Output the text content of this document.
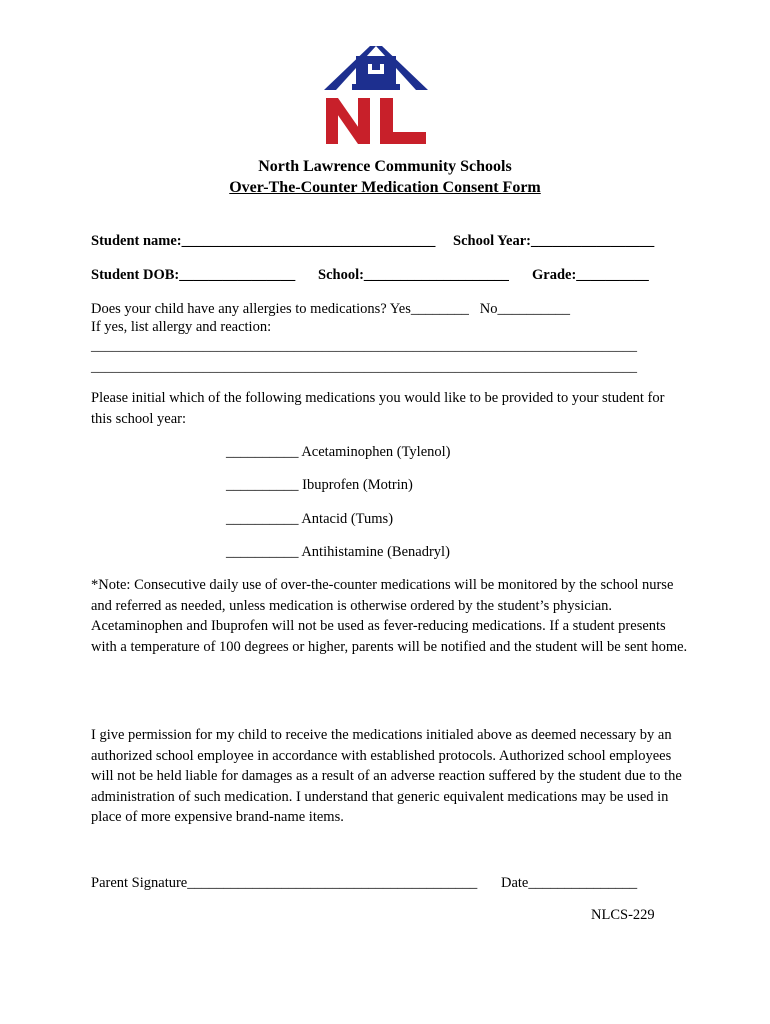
NL
North Lawrence Community Schools
Over-The-Counter Medication Consent Form
Student name:___________________________________ School Year:_________________
Student DOB:________________ School:____________________ Grade:__________
Does your child have any allergies to medications? Yes________   No__________
If yes, list allergy and reaction:
______________________________________________________________________________
______________________________________________________________________________
Please initial which of the following medications you would like to be provided to your student for this school year:
__________ Acetaminophen (Tylenol)
__________ Ibuprofen (Motrin)
__________ Antacid (Tums)
__________ Antihistamine (Benadryl)
*Note: Consecutive daily use of over-the-counter medications will be monitored by the school nurse and referred as needed, unless medication is otherwise ordered by the student’s physician. Acetaminophen and Ibuprofen will not be used as fever-reducing medications. If a student presents with a temperature of 100 degrees or higher, parents will be notified and the student will be sent home.
I give permission for my child to receive the medications initialed above as deemed necessary by an authorized school employee in accordance with established protocols. Authorized school employees will not be held liable for damages as a result of an adverse reaction suffered by the student due to the administration of such medication. I understand that generic equivalent medications may be used in place of more expensive brand-name items.
Parent Signature________________________________________ Date_______________
NLCS-229
